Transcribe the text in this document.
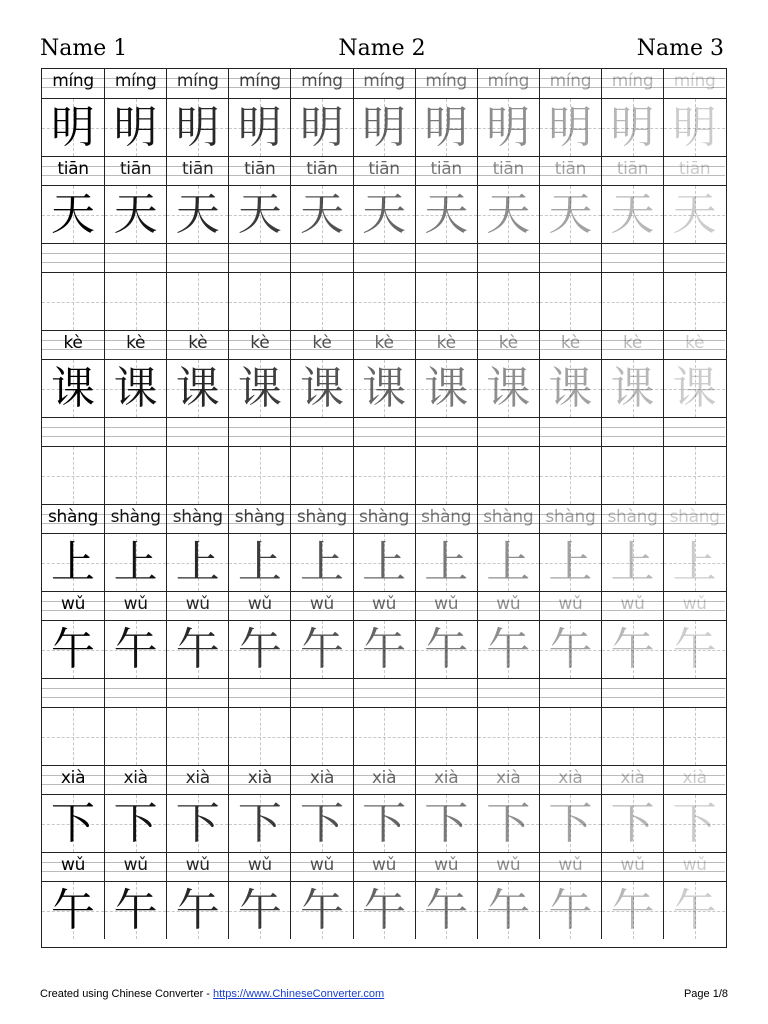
Name 1	Name 2	Name 3
míng míng míng míng míng míng míng míng míng míng míng
明 明 明 明 明 明 明 明 明 明 明
tiān tiān tiān tiān tiān tiān tiān tiān tiān tiān tiān
天 天 天 天 天 天 天 天 天 天 天
kè	kè	kè	kè	kè	kè	kè	kè	kè	kè	kè
课 课 课 课 课 课 课 课 课 课 课
shàng shàng shàng shàng shàng shàng shàng shàng shàng shàng shàng
上 上 上 上 上 上 上 上 上 上 上
wǔ wǔ wǔ wǔ wǔ wǔ wǔ wǔ wǔ wǔ wǔ
午 午 午 午 午 午 午 午 午 午 午
xià xià xià xià xià xià xià xià xià xià xià
下 下 下 下 下 下 下 下 下 下 下
wǔ wǔ wǔ wǔ wǔ wǔ wǔ wǔ wǔ wǔ wǔ
午 午 午 午 午 午 午 午 午 午 午
Created using Chinese Converter - https://www.ChineseConverter.com	Page 1/8
